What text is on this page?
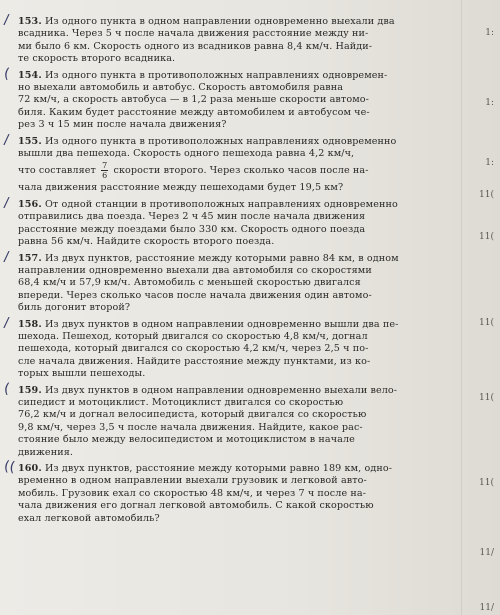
/ 153. Из одного пункта в одном направлении одновременно выехали два
всадника. Через 5 ч после начала движения расстояние между ни-
ми было 6 км. Скорость одного из всадников равна 8,4 км/ч. Найди-
те скорость второго всадника.
( 154. Из одного пункта в противоположных направлениях одновремен-
но выехали автомобиль и автобус. Скорость автомобиля равна
72 км/ч, а скорость автобуса — в 1,2 раза меньше скорости автомо-
биля. Каким будет расстояние между автомобилем и автобусом че-
рез 3 ч 15 мин после начала движения?
/ 155. Из одного пункта в противоположных направлениях одновременно
вышли два пешехода. Скорость одного пешехода равна 4,2 км/ч,
что составляет $\frac{7}{6}$ скорости второго. Через сколько часов после на-
чала движения расстояние между пешеходами будет 19,5 км?
/ 156. От одной станции в противоположных направлениях одновременно
отправились два поезда. Через 2 ч 45 мин после начала движения
расстояние между поездами было 330 км. Скорость одного поезда
равна 56 км/ч. Найдите скорость второго поезда.
/ 157. Из двух пунктов, расстояние между которыми равно 84 км, в одном
направлении одновременно выехали два автомобиля со скоростями
68,4 км/ч и 57,9 км/ч. Автомобиль с меньшей скоростью двигался
впереди. Через сколько часов после начала движения один автомо-
биль догонит второй?
/ 158. Из двух пунктов в одном направлении одновременно вышли два пе-
шехода. Пешеход, который двигался со скоростью 4,8 км/ч, догнал
пешехода, который двигался со скоростью 4,2 км/ч, через 2,5 ч по-
сле начала движения. Найдите расстояние между пунктами, из ко-
торых вышли пешеходы.
( 159. Из двух пунктов в одном направлении одновременно выехали вело-
сипедист и мотоциклист. Мотоциклист двигался со скоростью
76,2 км/ч и догнал велосипедиста, который двигался со скоростью
9,8 км/ч, через 3,5 ч после начала движения. Найдите, какое рас-
стояние было между велосипедистом и мотоциклистом в начале
движения.
(( 160. Из двух пунктов, расстояние между которыми равно 189 км, одно-
временно в одном направлении выехали грузовик и легковой авто-
мобиль. Грузовик ехал со скоростью 48 км/ч, и через 7 ч после на-
чала движения его догнал легковой автомобиль. С какой скоростью
ехал легковой автомобиль?
1:
1:
1:
11(
11(
11(
11(
11(
11/
11/
